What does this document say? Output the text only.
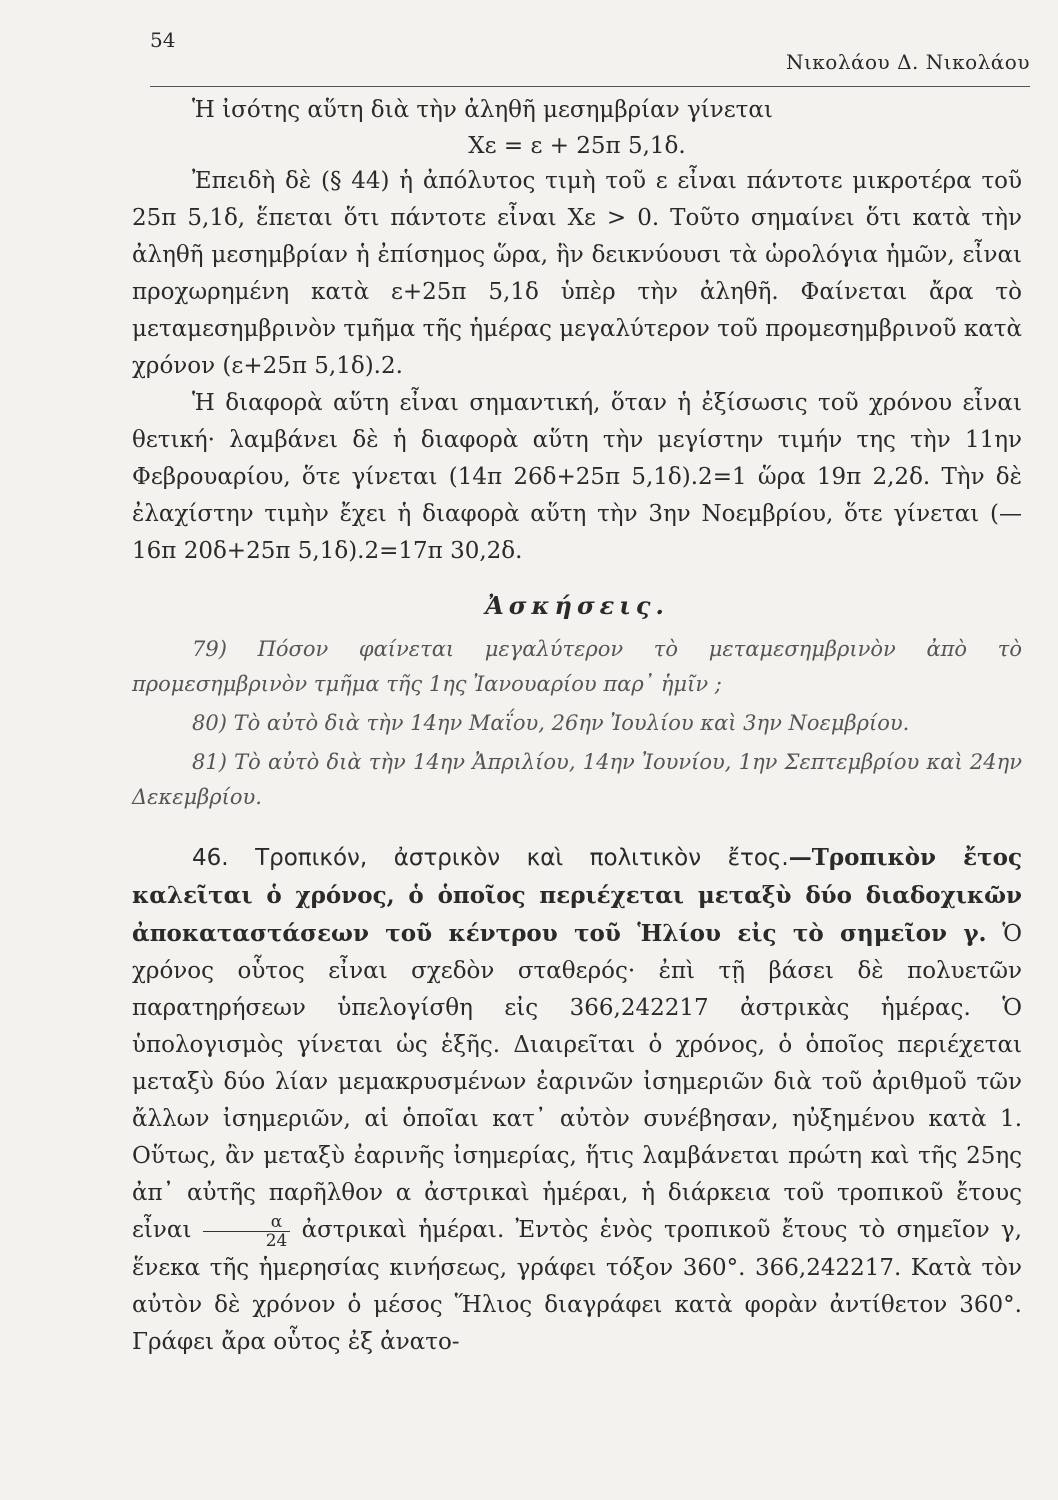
54
Νικολάου Δ. Νικολάου

Ἡ ἰσότης αὕτη διὰ τὴν ἀληθῆ μεσημβρίαν γίνεται

Xε = ε + 25π 5,1δ.

Ἐπειδὴ δὲ (§ 44) ἡ ἀπόλυτος τιμὴ τοῦ ε εἶναι πάντοτε μικροτέρα τοῦ 25π 5,1δ, ἕπεται ὅτι πάντοτε εἶναι Xε > 0. Τοῦτο σημαίνει ὅτι κατὰ τὴν ἀληθῆ μεσημβρίαν ἡ ἐπίσημος ὥρα, ἣν δεικνύουσι τὰ ὡρολόγια ἡμῶν, εἶναι προχωρημένη κατὰ ε+25π 5,1δ ὑπὲρ τὴν ἀληθῆ. Φαίνεται ἄρα τὸ μεταμεσημβρινὸν τμῆμα τῆς ἡμέρας μεγαλύτερον τοῦ προμεσημβρινοῦ κατὰ χρόνον (ε+25π 5,1δ).2.

Ἡ διαφορὰ αὕτη εἶναι σημαντική, ὅταν ἡ ἐξίσωσις τοῦ χρόνου εἶναι θετική· λαμβάνει δὲ ἡ διαφορὰ αὕτη τὴν μεγίστην τιμήν της τὴν 11ην Φεβρουαρίου, ὅτε γίνεται (14π 26δ+25π 5,1δ).2=1 ὥρα 19π 2,2δ. Τὴν δὲ ἐλαχίστην τιμὴν ἔχει ἡ διαφορὰ αὕτη τὴν 3ην Νοεμβρίου, ὅτε γίνεται (—16π 20δ+25π 5,1δ).2=17π 30,2δ.

Ἀσκήσεις.

79) Πόσον φαίνεται μεγαλύτερον τὸ μεταμεσημβρινὸν ἀπὸ τὸ προμεσημβρινὸν τμῆμα τῆς 1ης Ἰανουαρίου παρ᾽ ἡμῖν ;

80) Τὸ αὐτὸ διὰ τὴν 14ην Μαΐου, 26ην Ἰουλίου καὶ 3ην Νοεμβρίου.

81) Τὸ αὐτὸ διὰ τὴν 14ην Ἀπριλίου, 14ην Ἰουνίου, 1ην Σεπτεμβρίου καὶ 24ην Δεκεμβρίου.

46. Τροπικόν, ἀστρικὸν καὶ πολιτικὸν ἔτος.—Τροπικὸν ἔτος καλεῖται ὁ χρόνος, ὁ ὁποῖος περιέχεται μεταξὺ δύο διαδοχικῶν ἀποκαταστάσεων τοῦ κέντρου τοῦ Ἡλίου εἰς τὸ σημεῖον γ. Ὁ χρόνος οὗτος εἶναι σχεδὸν σταθερός· ἐπὶ τῇ βάσει δὲ πολυετῶν παρατηρήσεων ὑπελογίσθη εἰς 366,242217 ἀστρικὰς ἡμέρας. Ὁ ὑπολογισμὸς γίνεται ὡς ἑξῆς. Διαιρεῖται ὁ χρόνος, ὁ ὁποῖος περιέχεται μεταξὺ δύο λίαν μεμακρυσμένων ἐαρινῶν ἰσημεριῶν διὰ τοῦ ἀριθμοῦ τῶν ἄλλων ἰσημεριῶν, αἱ ὁποῖαι κατ᾽ αὐτὸν συνέβησαν, ηὐξημένου κατὰ 1. Οὕτως, ἂν μεταξὺ ἐαρινῆς ἰσημερίας, ἥτις λαμβάνεται πρώτη καὶ τῆς 25ης ἀπ᾽ αὐτῆς παρῆλθον α ἀστρικαὶ ἡμέραι, ἡ διάρκεια τοῦ τροπικοῦ ἔτους εἶναι $\frac{\alpha}{24}$ ἀστρικαὶ ἡμέραι. Ἐντὸς ἑνὸς τροπικοῦ ἔτους τὸ σημεῖον γ, ἕνεκα τῆς ἡμερησίας κινήσεως, γράφει τόξον 360°. 366,242217. Κατὰ τὸν αὐτὸν δὲ χρόνον ὁ μέσος Ἥλιος διαγράφει κατὰ φορὰν ἀντίθετον 360°. Γράφει ἄρα οὗτος ἐξ ἀνατο-
